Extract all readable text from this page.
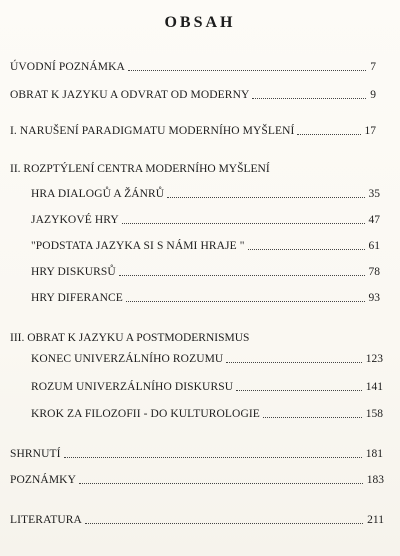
OBSAH
ÚVODNÍ POZNÁMKA	7
OBRAT K JAZYKU A ODVRAT OD MODERNY	9
I. NARUŠENÍ PARADIGMATU MODERNÍHO MYŠLENÍ	17
II. ROZPTÝLENÍ CENTRA MODERNÍHO MYŠLENÍ
HRA DIALOGŮ A ŽÁNRŮ	35
JAZYKOVÉ HRY	47
"PODSTATA JAZYKA SI S NÁMI HRAJE "	61
HRY DISKURSŮ	78
HRY DIFERANCE	93
III. OBRAT K JAZYKU A POSTMODERNISMUS
KONEC UNIVERZÁLNÍHO ROZUMU	123
ROZUM UNIVERZÁLNÍHO DISKURSU	141
KROK ZA FILOZOFII - DO KULTUROLOGIE	158
SHRNUTÍ	181
POZNÁMKY	183
LITERATURA	211
